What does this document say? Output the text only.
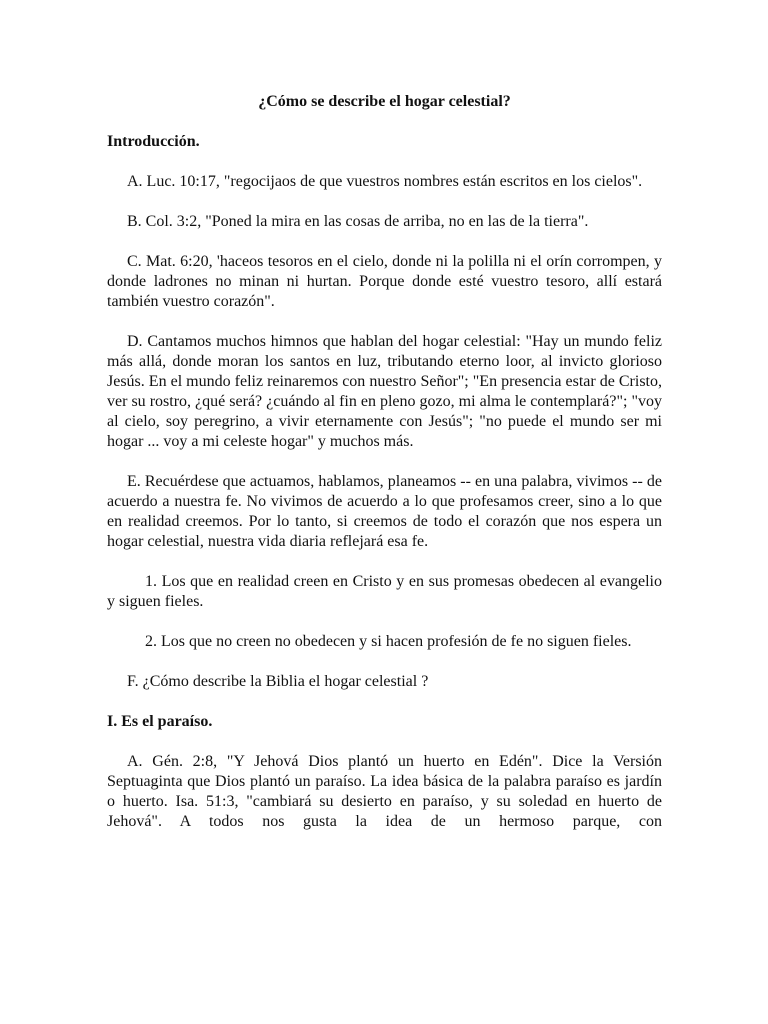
¿Cómo se describe el hogar celestial?
Introducción.

A. Luc. 10:17, "regocijaos de que vuestros nombres están escritos en los cielos".

B. Col. 3:2, "Poned la mira en las cosas de arriba, no en las de la tierra".

C. Mat. 6:20, 'haceos tesoros en el cielo, donde ni la polilla ni el orín corrompen, y donde ladrones no minan ni hurtan. Porque donde esté vuestro tesoro, allí estará también vuestro corazón".

D. Cantamos muchos himnos que hablan del hogar celestial: "Hay un mundo feliz más allá, donde moran los santos en luz, tributando eterno loor, al invicto glorioso Jesús. En el mundo feliz reinaremos con nuestro Señor"; "En presencia estar de Cristo, ver su rostro, ¿qué será? ¿cuándo al fin en pleno gozo, mi alma le contemplará?"; "voy al cielo, soy peregrino, a vivir eternamente con Jesús"; "no puede el mundo ser mi hogar ... voy a mi celeste hogar" y muchos más.

E. Recuérdese que actuamos, hablamos, planeamos -- en una palabra, vivimos -- de acuerdo a nuestra fe. No vivimos de acuerdo a lo que profesamos creer, sino a lo que en realidad creemos. Por lo tanto, si creemos de todo el corazón que nos espera un hogar celestial, nuestra vida diaria reflejará esa fe.

1. Los que en realidad creen en Cristo y en sus promesas obedecen al evangelio y siguen fieles.

2. Los que no creen no obedecen y si hacen profesión de fe no siguen fieles.

F. ¿Cómo describe la Biblia el hogar celestial ?

I. Es el paraíso.

A. Gén. 2:8, "Y Jehová Dios plantó un huerto en Edén". Dice la Versión Septuaginta que Dios plantó un paraíso. La idea básica de la palabra paraíso es jardín o huerto. Isa. 51:3, "cambiará su desierto en paraíso, y su soledad en huerto de Jehová". A todos nos gusta la idea de un hermoso parque, con
